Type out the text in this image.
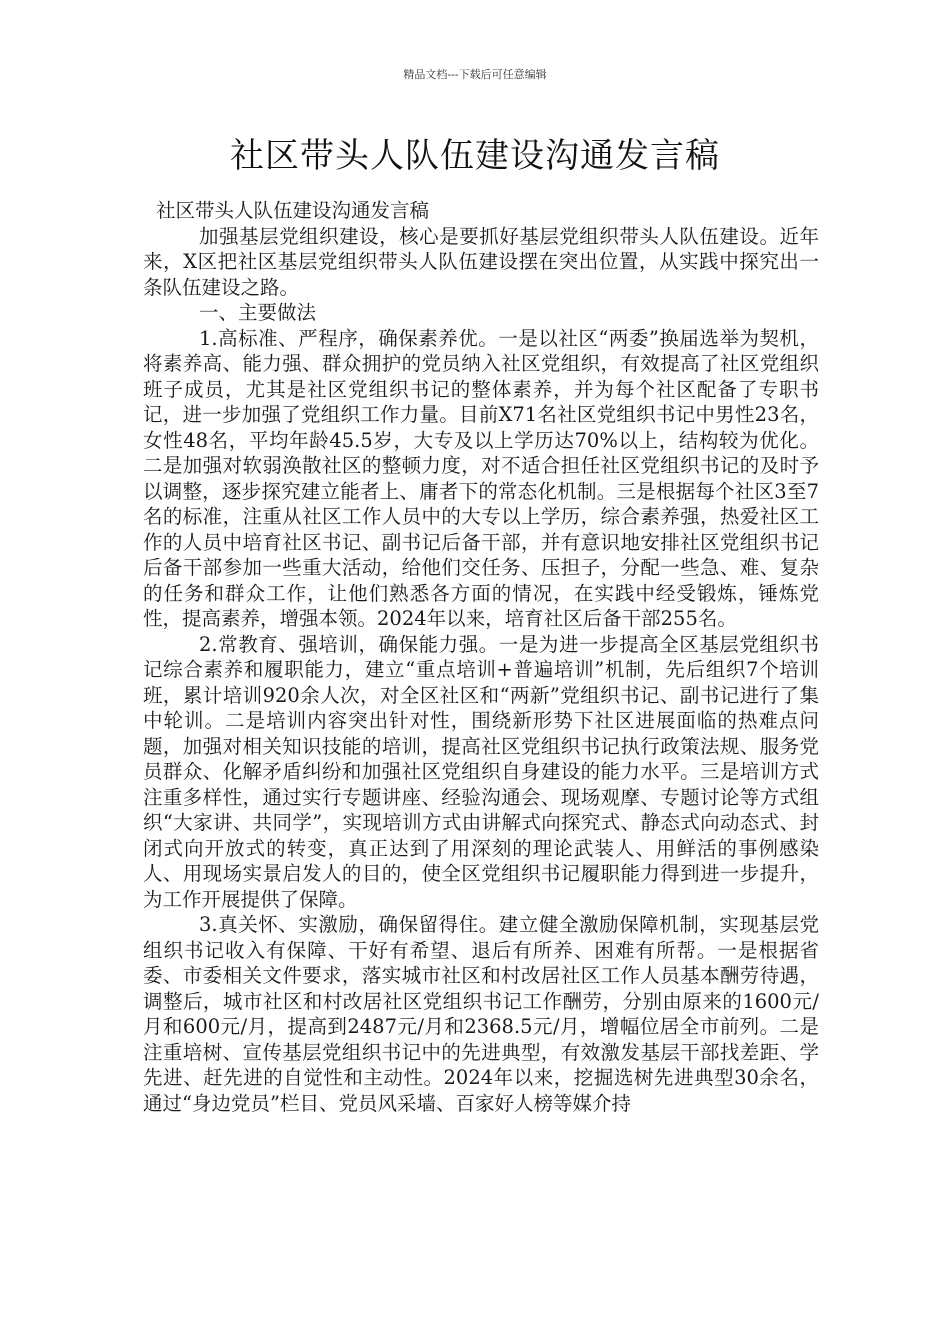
精品文档---下载后可任意编辑
社区带头人队伍建设沟通发言稿

社区带头人队伍建设沟通发言稿

加强基层党组织建设，核心是要抓好基层党组织带头人队伍建设。近年来，X区把社区基层党组织带头人队伍建设摆在突出位置，从实践中探究出一条队伍建设之路。

一、主要做法

1.高标准、严程序，确保素养优。一是以社区“两委”换届选举为契机，将素养高、能力强、群众拥护的党员纳入社区党组织，有效提高了社区党组织班子成员，尤其是社区党组织书记的整体素养，并为每个社区配备了专职书记，进一步加强了党组织工作力量。目前X71名社区党组织书记中男性23名，女性48名，平均年龄45.5岁，大专及以上学历达70%以上，结构较为优化。二是加强对软弱涣散社区的整顿力度，对不适合担任社区党组织书记的及时予以调整，逐步探究建立能者上、庸者下的常态化机制。三是根据每个社区3至7名的标准，注重从社区工作人员中的大专以上学历，综合素养强，热爱社区工作的人员中培育社区书记、副书记后备干部，并有意识地安排社区党组织书记后备干部参加一些重大活动，给他们交任务、压担子，分配一些急、难、复杂的任务和群众工作，让他们熟悉各方面的情况，在实践中经受锻炼，锤炼党性，提高素养，增强本领。2024年以来，培育社区后备干部255名。

2.常教育、强培训，确保能力强。一是为进一步提高全区基层党组织书记综合素养和履职能力，建立“重点培训+普遍培训”机制，先后组织7个培训班，累计培训920余人次，对全区社区和“两新”党组织书记、副书记进行了集中轮训。二是培训内容突出针对性，围绕新形势下社区进展面临的热难点问题，加强对相关知识技能的培训，提高社区党组织书记执行政策法规、服务党员群众、化解矛盾纠纷和加强社区党组织自身建设的能力水平。三是培训方式注重多样性，通过实行专题讲座、经验沟通会、现场观摩、专题讨论等方式组织“大家讲、共同学”，实现培训方式由讲解式向探究式、静态式向动态式、封闭式向开放式的转变，真正达到了用深刻的理论武装人、用鲜活的事例感染人、用现场实景启发人的目的，使全区党组织书记履职能力得到进一步提升，为工作开展提供了保障。

3.真关怀、实激励，确保留得住。建立健全激励保障机制，实现基层党组织书记收入有保障、干好有希望、退后有所养、困难有所帮。一是根据省委、市委相关文件要求，落实城市社区和村改居社区工作人员基本酬劳待遇，调整后，城市社区和村改居社区党组织书记工作酬劳，分别由原来的1600元/月和600元/月，提高到2487元/月和2368.5元/月，增幅位居全市前列。二是注重培树、宣传基层党组织书记中的先进典型，有效激发基层干部找差距、学先进、赶先进的自觉性和主动性。2024年以来，挖掘选树先进典型30余名，通过“身边党员”栏目、党员风采墙、百家好人榜等媒介持
